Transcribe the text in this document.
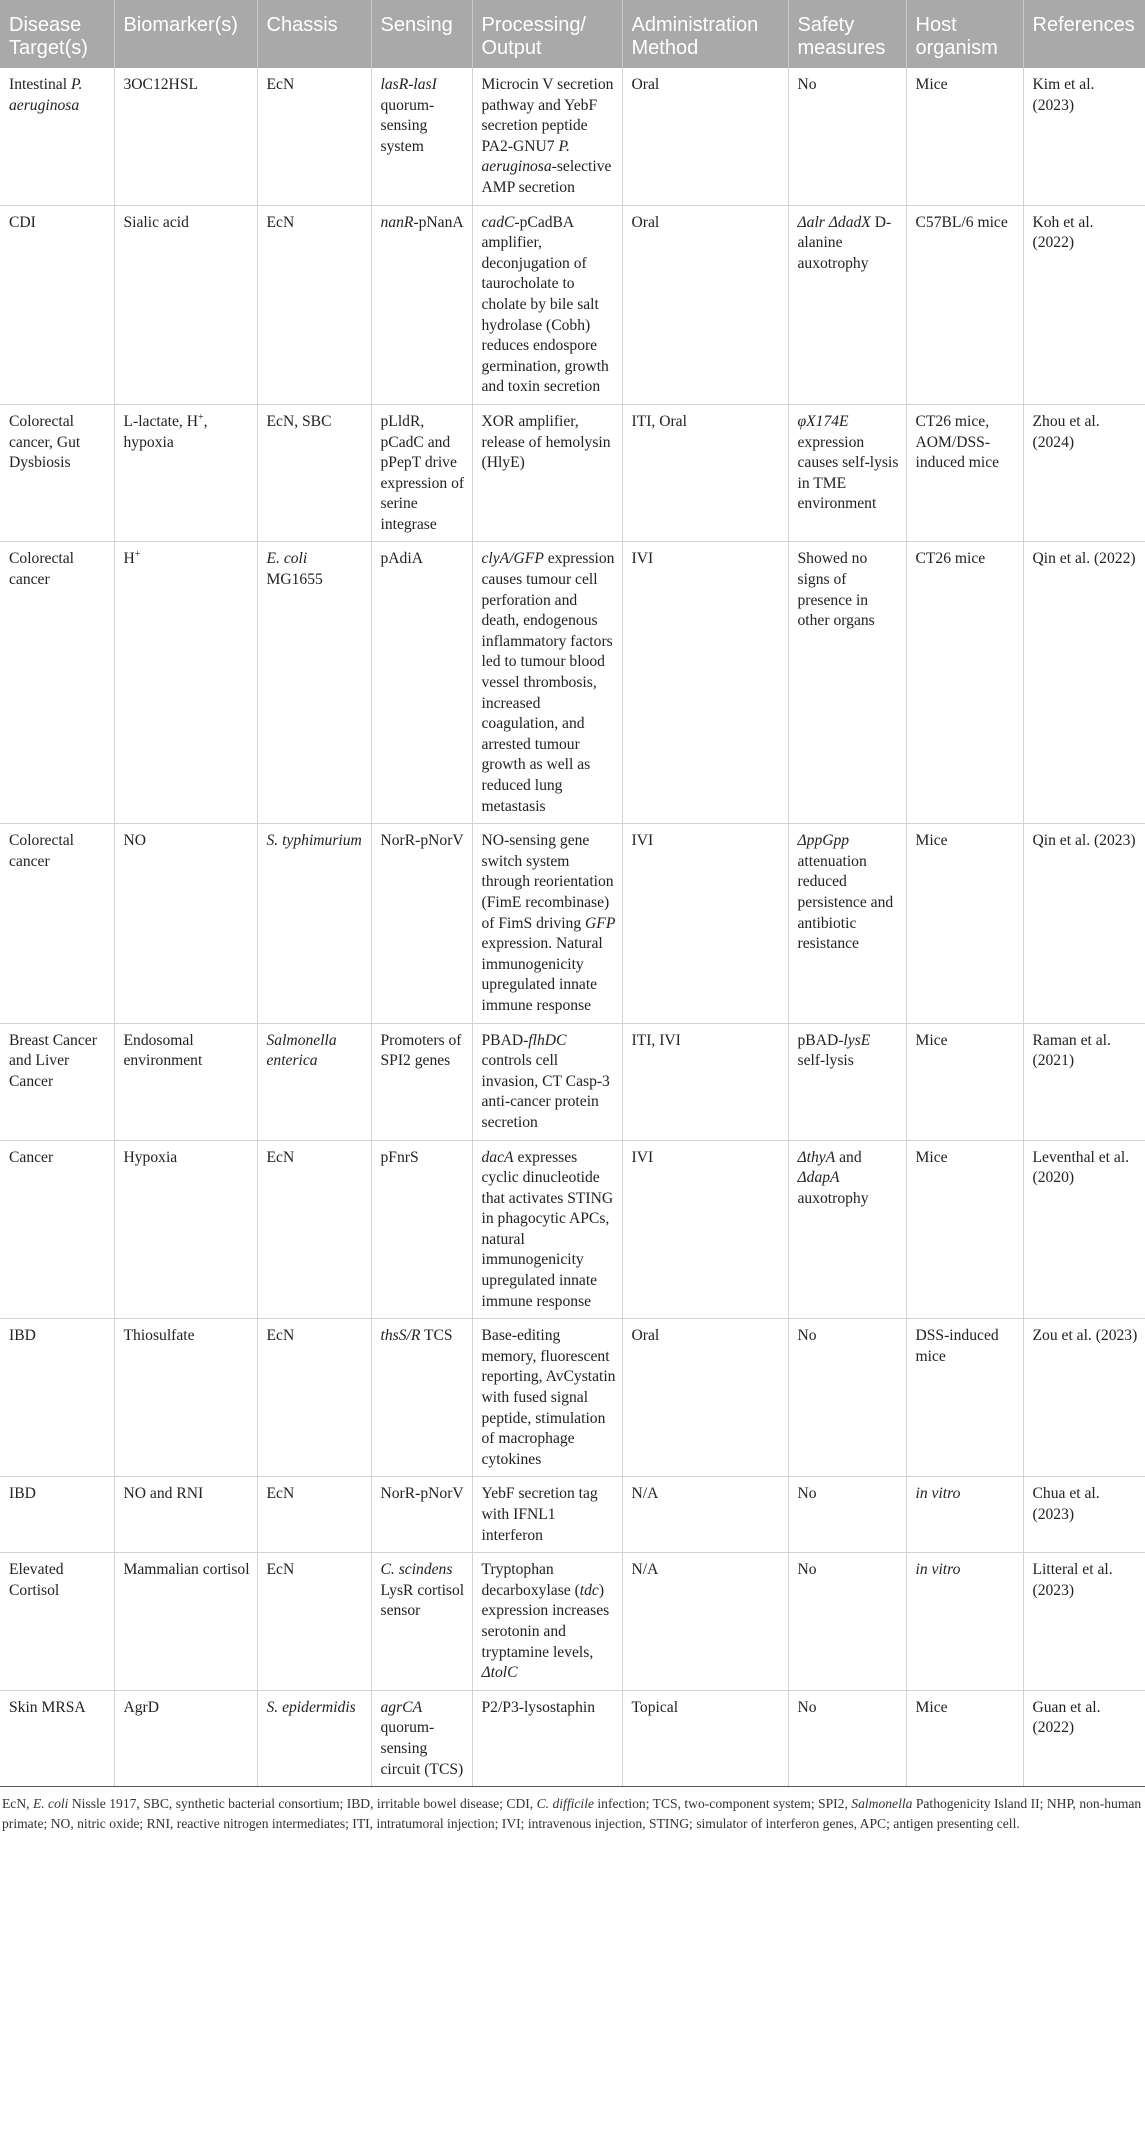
Disease Target(s)	Biomarker(s)	Chassis	Sensing	Processing/ Output	Administration Method	Safety measures	Host organism	References
Intestinal P. aeruginosa	3OC12HSL	EcN	lasR-lasI quorum-sensing system	Microcin V secretion pathway and YebF secretion peptide PA2-GNU7 P. aeruginosa-selective AMP secretion	Oral	No	Mice	Kim et al. (2023)
CDI	Sialic acid	EcN	nanR-pNanA	cadC-pCadBA amplifier, deconjugation of taurocholate to cholate by bile salt hydrolase (Cobh) reduces endospore germination, growth and toxin secretion	Oral	Δalr ΔdadX D-alanine auxotrophy	C57BL/6 mice	Koh et al. (2022)
Colorectal cancer, Gut Dysbiosis	L-lactate, H+, hypoxia	EcN, SBC	pLldR, pCadC and pPepT drive expression of serine integrase	XOR amplifier, release of hemolysin (HlyE)	ITI, Oral	φX174E expression causes self-lysis in TME environment	CT26 mice, AOM/DSS-induced mice	Zhou et al. (2024)
Colorectal cancer	H+	E. coli MG1655	pAdiA	clyA/GFP expression causes tumour cell perforation and death, endogenous inflammatory factors led to tumour blood vessel thrombosis, increased coagulation, and arrested tumour growth as well as reduced lung metastasis	IVI	Showed no signs of presence in other organs	CT26 mice	Qin et al. (2022)
Colorectal cancer	NO	S. typhimurium	NorR-pNorV	NO-sensing gene switch system through reorientation (FimE recombinase) of FimS driving GFP expression. Natural immunogenicity upregulated innate immune response	IVI	ΔppGpp attenuation reduced persistence and antibiotic resistance	Mice	Qin et al. (2023)
Breast Cancer and Liver Cancer	Endosomal environment	Salmonella enterica	Promoters of SPI2 genes	PBAD-flhDC controls cell invasion, CT Casp-3 anti-cancer protein secretion	ITI, IVI	pBAD-lysE self-lysis	Mice	Raman et al. (2021)
Cancer	Hypoxia	EcN	pFnrS	dacA expresses cyclic dinucleotide that activates STING in phagocytic APCs, natural immunogenicity upregulated innate immune response	IVI	ΔthyA and ΔdapA auxotrophy	Mice	Leventhal et al. (2020)
IBD	Thiosulfate	EcN	thsS/R TCS	Base-editing memory, fluorescent reporting, AvCystatin with fused signal peptide, stimulation of macrophage cytokines	Oral	No	DSS-induced mice	Zou et al. (2023)
IBD	NO and RNI	EcN	NorR-pNorV	YebF secretion tag with IFNL1 interferon	N/A	No	in vitro	Chua et al. (2023)
Elevated Cortisol	Mammalian cortisol	EcN	C. scindens LysR cortisol sensor	Tryptophan decarboxylase (tdc) expression increases serotonin and tryptamine levels, ΔtolC	N/A	No	in vitro	Litteral et al. (2023)
Skin MRSA	AgrD	S. epidermidis	agrCA quorum-sensing circuit (TCS)	P2/P3-lysostaphin	Topical	No	Mice	Guan et al. (2022)
EcN, E. coli Nissle 1917, SBC, synthetic bacterial consortium; IBD, irritable bowel disease; CDI, C. difficile infection; TCS, two-component system; SPI2, Salmonella Pathogenicity Island II; NHP, non-human primate; NO, nitric oxide; RNI, reactive nitrogen intermediates; ITI, intratumoral injection; IVI; intravenous injection, STING; simulator of interferon genes, APC; antigen presenting cell.
